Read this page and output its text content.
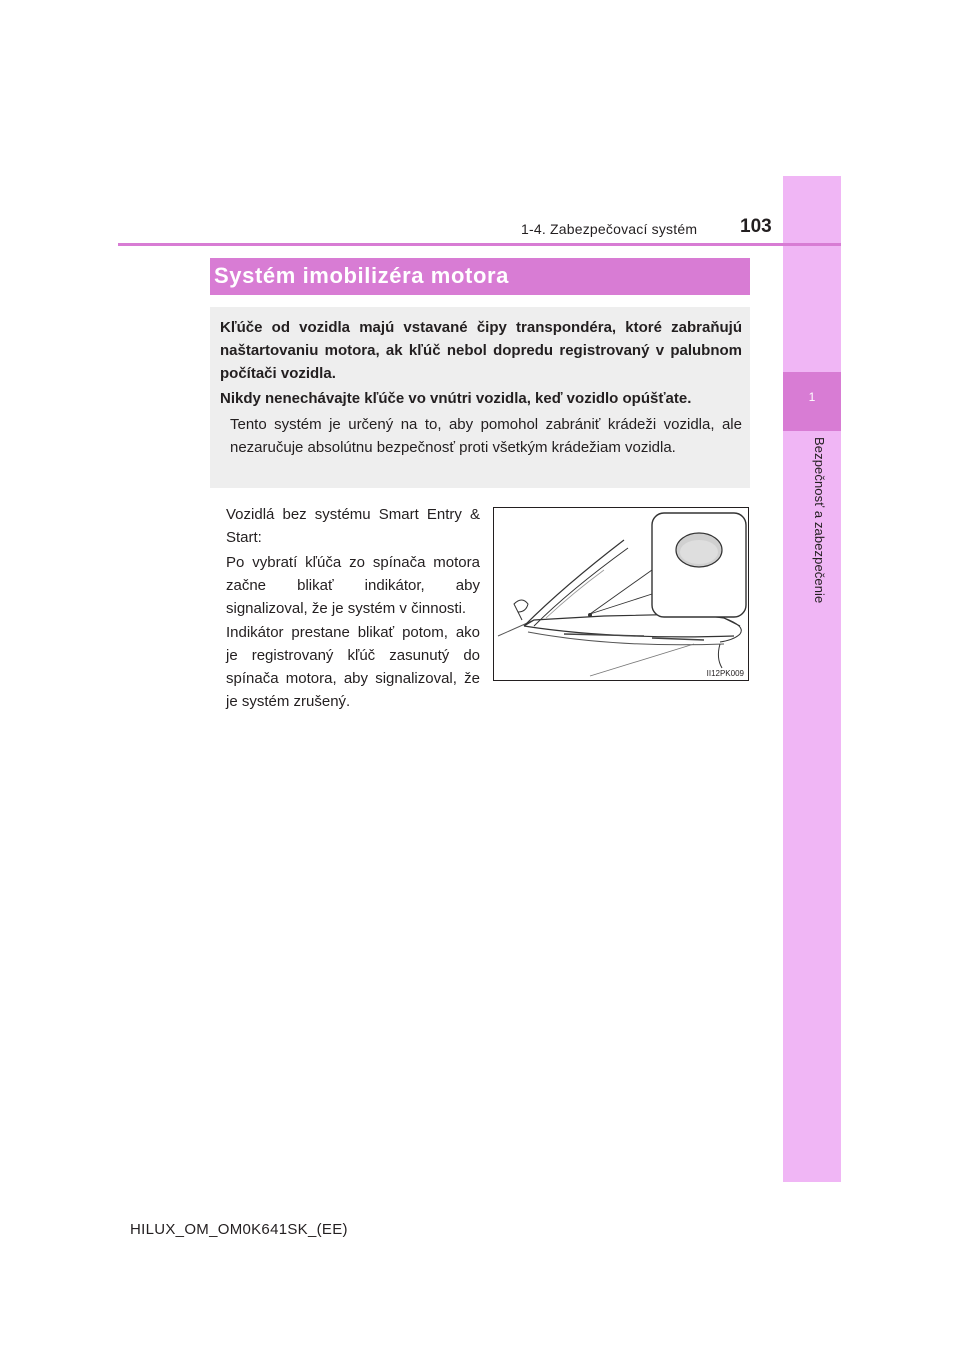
1
Bezpečnosť a zabezpečenie
1-4. Zabezpečovací systém 103
Systém imobilizéra motora
Kľúče od vozidla majú vstavané čipy transpondéra, ktoré zabraňujú naštartovaniu motora, ak kľúč nebol dopredu registrovaný v palubnom počítači vozidla.
Nikdy nenechávajte kľúče vo vnútri vozidla, keď vozidlo opúšťate.
Tento systém je určený na to, aby pomohol zabrániť krádeži vozidla, ale nezaručuje absolútnu bezpečnosť proti všetkým krádežiam vozidla.
Vozidlá bez systému Smart Entry & Start:
Po vybratí kľúča zo spínača motora začne blikať indikátor, aby signalizoval, že je systém v činnosti.
Indikátor prestane blikať potom, ako je registrovaný kľúč zasunutý do spínača motora, aby signalizoval, že je systém zrušený.
II12PK009
HILUX_OM_OM0K641SK_(EE)
